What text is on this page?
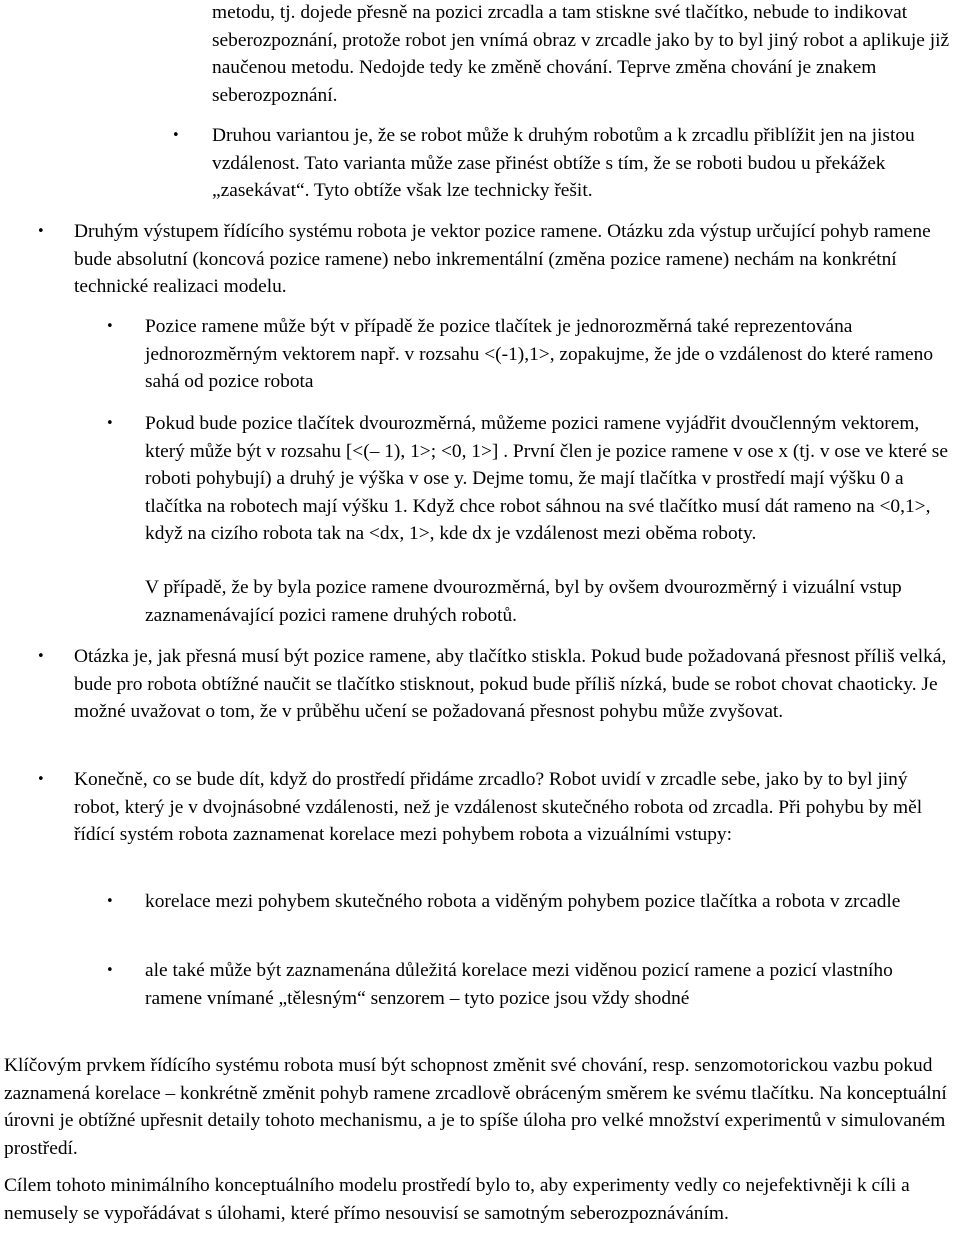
metodu, tj. dojede přesně na pozici zrcadla a tam stiskne své tlačítko, nebude to indikovat seberozpoznání, protože robot jen vnímá obraz v zrcadle jako by to byl jiný robot a aplikuje již naučenou metodu. Nedojde tedy ke změně chování. Teprve změna chování je znakem seberozpoznání.

• Druhou variantou je, že se robot může k druhým robotům a k zrcadlu přiblížit jen na jistou vzdálenost. Tato varianta může zase přinést obtíže s tím, že se roboti budou u překážek „zasekávat“. Tyto obtíže však lze technicky řešit.

• Druhým výstupem řídícího systému robota je vektor pozice ramene. Otázku zda výstup určující pohyb ramene bude absolutní (koncová pozice ramene) nebo inkrementální (změna pozice ramene) nechám na konkrétní technické realizaci modelu.

• Pozice ramene může být v případě že pozice tlačítek je jednorozměrná také reprezentována jednorozměrným vektorem např. v rozsahu <(-1),1>, zopakujme, že jde o vzdálenost do které rameno sahá od pozice robota

• Pokud bude pozice tlačítek dvourozměrná, můžeme pozici ramene vyjádřit dvoučlenným vektorem, který může být v rozsahu [<(– 1), 1>; <0, 1>] . První člen je pozice ramene v ose x (tj. v ose ve které se roboti pohybují) a druhý je výška v ose y. Dejme tomu, že mají tlačítka v prostředí mají výšku 0 a tlačítka na robotech mají výšku 1. Když chce robot sáhnou na své tlačítko musí dát rameno na <0,1>, když na cizího robota tak na <dx, 1>, kde dx je vzdálenost mezi oběma roboty.

V případě, že by byla pozice ramene dvourozměrná, byl by ovšem dvourozměrný i vizuální vstup zaznamenávající pozici ramene druhých robotů.

• Otázka je, jak přesná musí být pozice ramene, aby tlačítko stiskla. Pokud bude požadovaná přesnost příliš velká, bude pro robota obtížné naučit se tlačítko stisknout, pokud bude příliš nízká, bude se robot chovat chaoticky. Je možné uvažovat o tom, že v průběhu učení se požadovaná přesnost pohybu může zvyšovat.

• Konečně, co se bude dít, když do prostředí přidáme zrcadlo? Robot uvidí v zrcadle sebe, jako by to byl jiný robot, který je v dvojnásobné vzdálenosti, než je vzdálenost skutečného robota od zrcadla. Při pohybu by měl řídící systém robota zaznamenat korelace mezi pohybem robota a vizuálními vstupy:

• korelace mezi pohybem skutečného robota a viděným pohybem pozice tlačítka a robota v zrcadle

• ale také může být zaznamenána důležitá korelace mezi viděnou pozicí ramene a pozicí vlastního ramene vnímané „tělesným“ senzorem – tyto pozice jsou vždy shodné

Klíčovým prvkem řídícího systému robota musí být schopnost změnit své chování, resp. senzomotorickou vazbu pokud zaznamená korelace – konkrétně změnit pohyb ramene zrcadlově obráceným směrem ke svému tlačítku. Na konceptuální úrovni je obtížné upřesnit detaily tohoto mechanismu, a je to spíše úloha pro velké množství experimentů v simulovaném prostředí.

Cílem tohoto minimálního konceptuálního modelu prostředí bylo to, aby experimenty vedly co nejefektivněji k cíli a nemusely se vypořádávat s úlohami, které přímo nesouvisí se samotným seberozpoznáváním.
